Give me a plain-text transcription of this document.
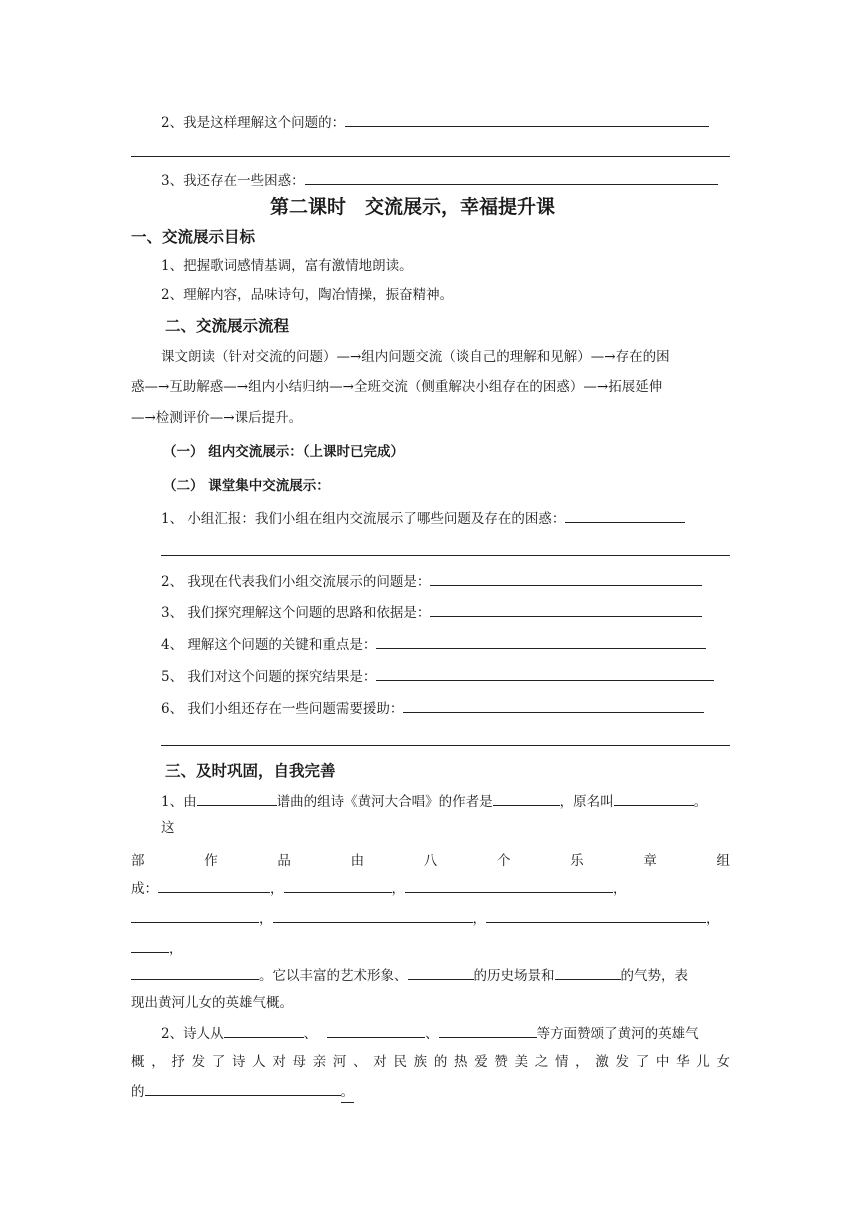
2、我是这样理解这个问题的：
3、我还存在一些困惑：
第二课时　交流展示，幸福提升课
一、交流展示目标
1、把握歌词感情基调，富有激情地朗读。
2、理解内容，品味诗句，陶冶情操，振奋精神。
二、交流展示流程
课文朗读（针对交流的问题）—→组内问题交流（谈自己的理解和见解）—→存在的困
惑—→互助解惑—→组内小结归纳—→全班交流（侧重解决小组存在的困惑）—→拓展延伸
—→检测评价—→课后提升。
（一） 组内交流展示：（上课时已完成）
（二） 课堂集中交流展示：
1、 小组汇报：我们小组在组内交流展示了哪些问题及存在的困惑：
2、 我现在代表我们小组交流展示的问题是：
3、 我们探究理解这个问题的思路和依据是：
4、 理解这个问题的关键和重点是：
5、 我们对这个问题的探究结果是：
6、 我们小组还存在一些问题需要援助：
三、及时巩固，自我完善
1、由	谱曲的组诗《黄河大合唱》的作者是	，原名叫	。
这
部	作	品	由	八	个	乐	章	组
成：	，	，	，
，	，	，
，
。它以丰富的艺术形象、	的历史场景和	的气势，表
现出黄河儿女的英雄气概。
2、诗人从	、	、	等方面赞颂了黄河的英雄气
概 ， 抒 发 了 诗 人 对 母 亲 河 、 对 民 族 的 热 爱 赞 美 之 情 ， 激 发 了 中 华 儿 女
的	。
